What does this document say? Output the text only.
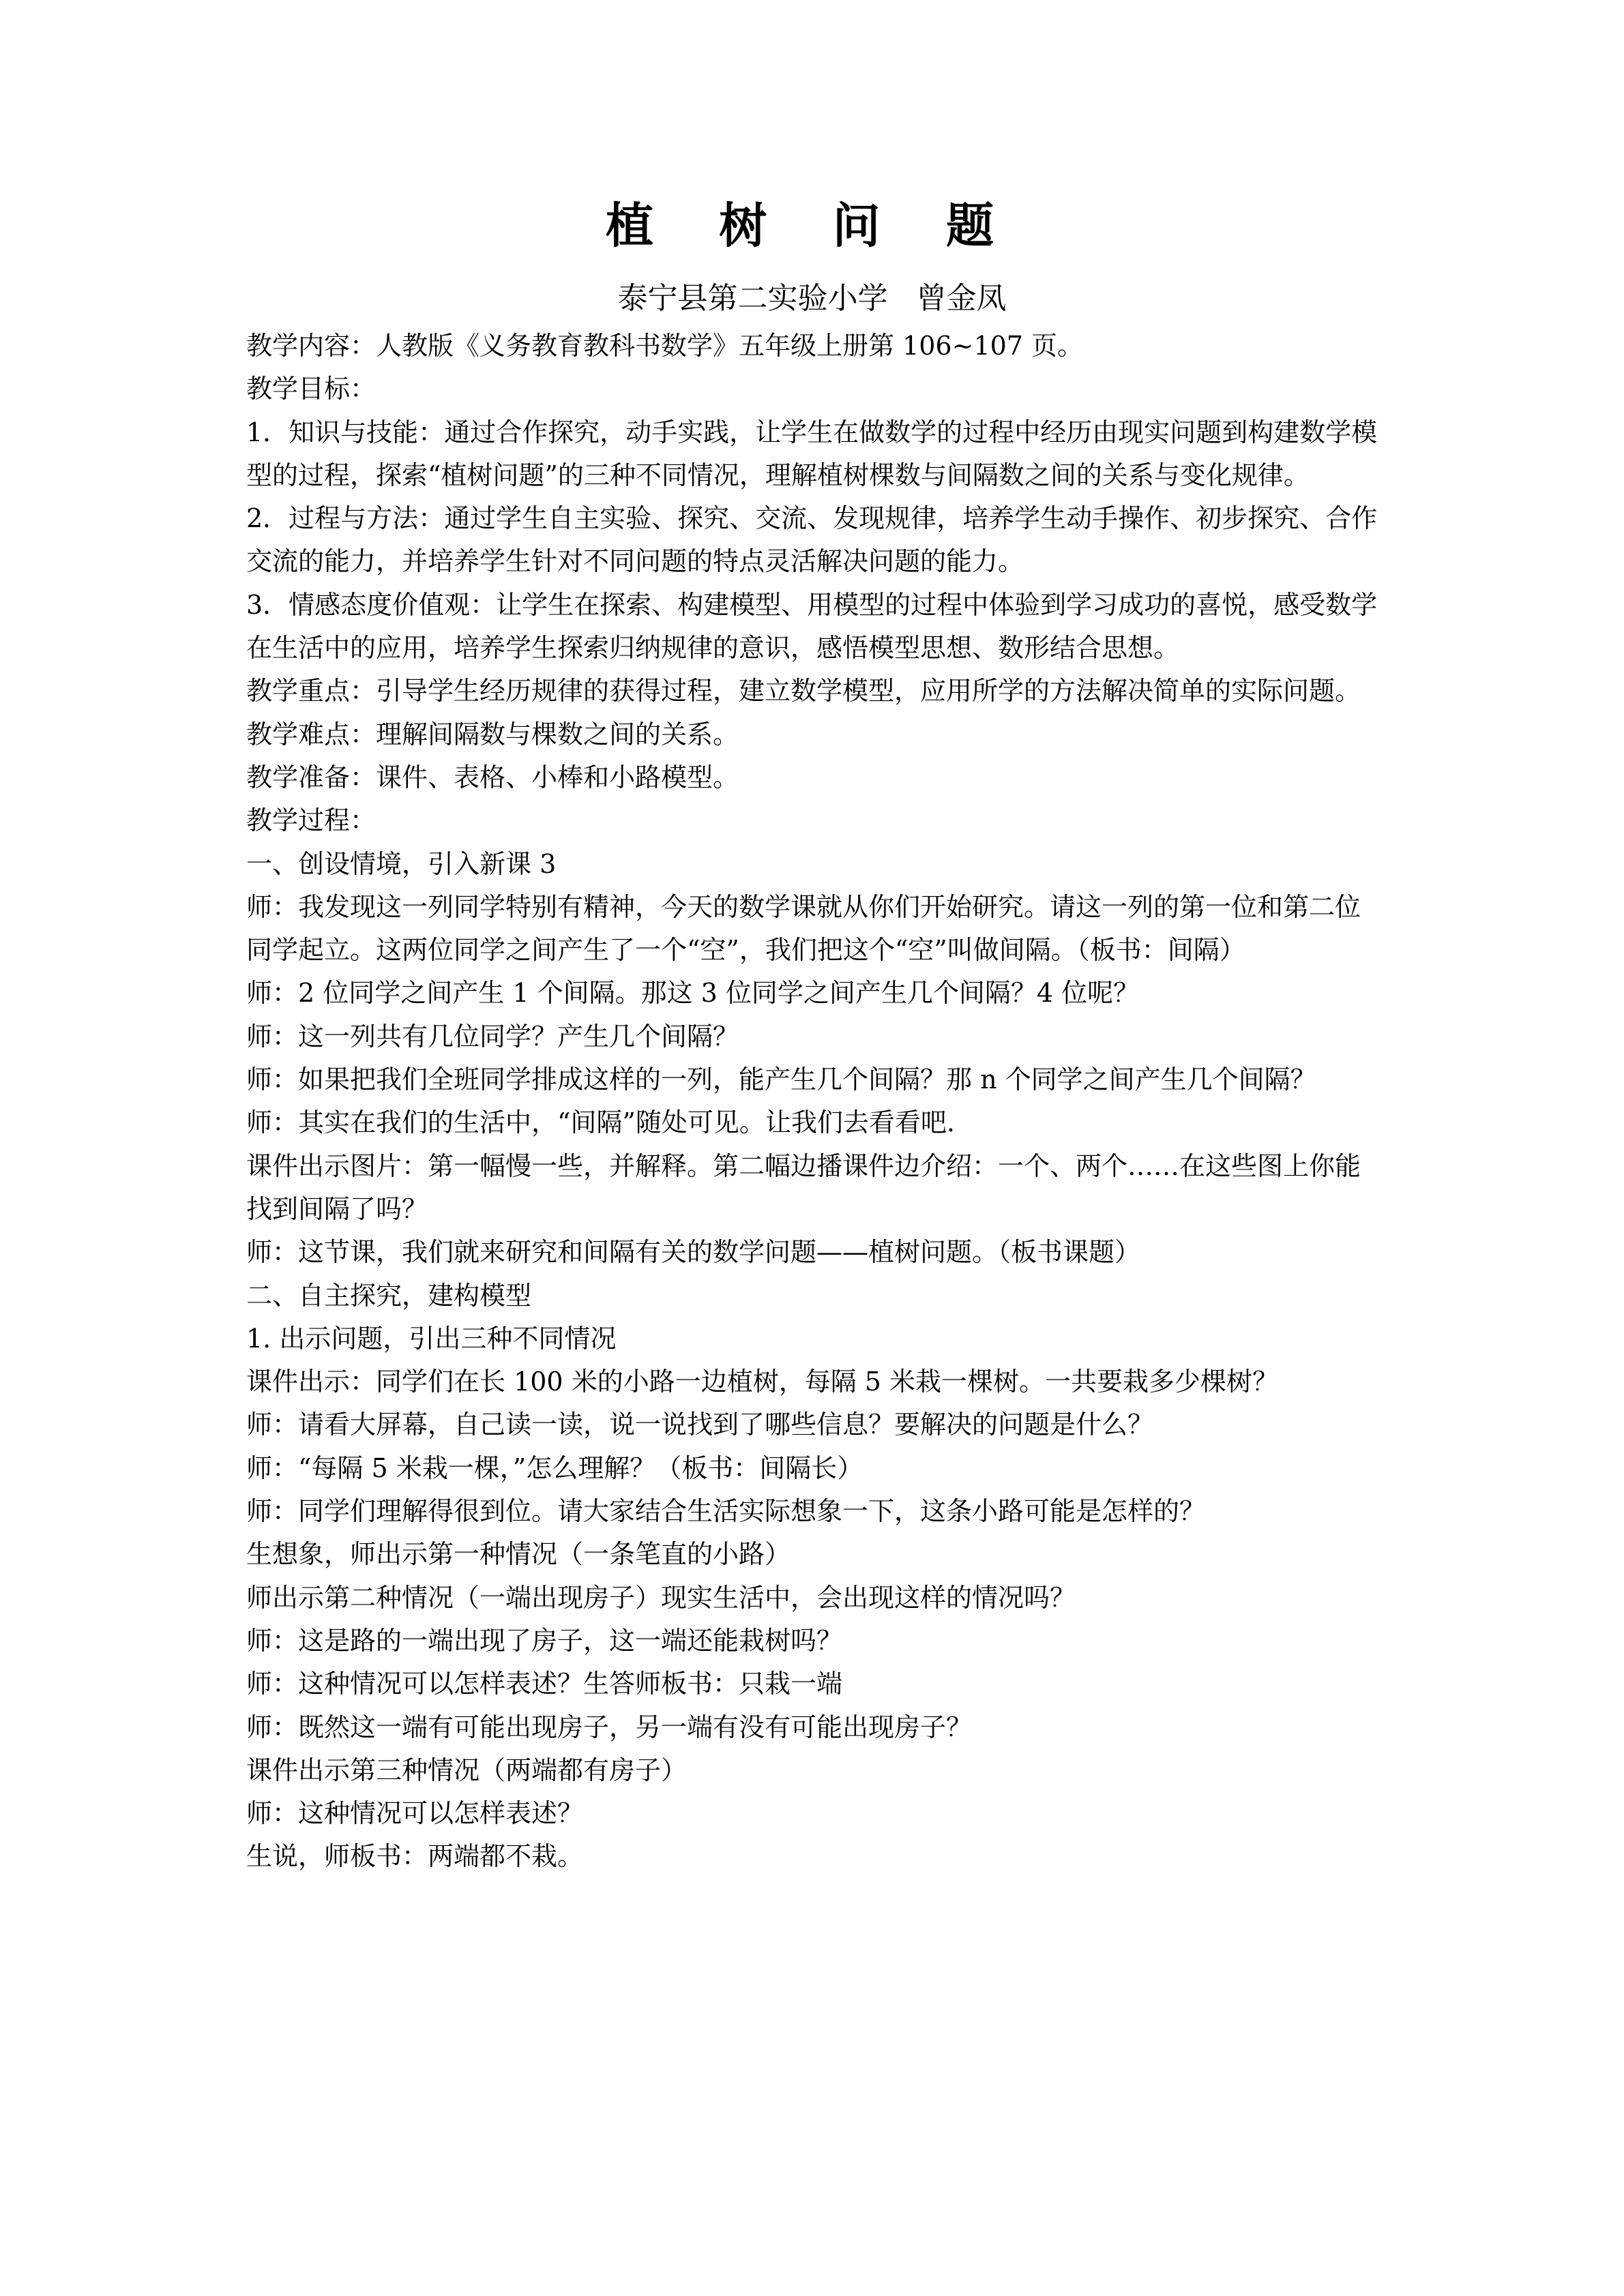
植 树 问 题
泰宁县第二实验小学   曾金凤

教学内容：人教版《义务教育教科书数学》五年级上册第 106~107 页。

教学目标：

1．知识与技能：通过合作探究，动手实践，让学生在做数学的过程中经历由现实问题到构建数学模型的过程，探索“植树问题”的三种不同情况，理解植树棵数与间隔数之间的关系与变化规律。

2．过程与方法：通过学生自主实验、探究、交流、发现规律，培养学生动手操作、初步探究、合作交流的能力，并培养学生针对不同问题的特点灵活解决问题的能力。

3．情感态度价值观：让学生在探索、构建模型、用模型的过程中体验到学习成功的喜悦，感受数学在生活中的应用，培养学生探索归纳规律的意识，感悟模型思想、数形结合思想。

教学重点：引导学生经历规律的获得过程，建立数学模型，应用所学的方法解决简单的实际问题。

教学难点：理解间隔数与棵数之间的关系。

教学准备：课件、表格、小棒和小路模型。

教学过程：

一、创设情境，引入新课 3

师：我发现这一列同学特别有精神，今天的数学课就从你们开始研究。请这一列的第一位和第二位同学起立。这两位同学之间产生了一个“空”，我们把这个“空”叫做间隔。（板书：间隔）

师：2 位同学之间产生 1 个间隔。那这 3 位同学之间产生几个间隔？4 位呢？

师：这一列共有几位同学？产生几个间隔？

师：如果把我们全班同学排成这样的一列，能产生几个间隔？那 n 个同学之间产生几个间隔？

师：其实在我们的生活中，“间隔”随处可见。让我们去看看吧.

课件出示图片：第一幅慢一些，并解释。第二幅边播课件边介绍：一个、两个……在这些图上你能找到间隔了吗？

师：这节课，我们就来研究和间隔有关的数学问题——植树问题。（板书课题）

二、自主探究，建构模型

1. 出示问题，引出三种不同情况

课件出示：同学们在长 100 米的小路一边植树，每隔 5 米栽一棵树。一共要栽多少棵树？

师：请看大屏幕，自己读一读，说一说找到了哪些信息？要解决的问题是什么？

师：“每隔 5 米栽一棵，”怎么理解？（板书：间隔长）

师：同学们理解得很到位。请大家结合生活实际想象一下，这条小路可能是怎样的？

生想象，师出示第一种情况（一条笔直的小路）

师出示第二种情况（一端出现房子）现实生活中，会出现这样的情况吗？

师：这是路的一端出现了房子，这一端还能栽树吗？

师：这种情况可以怎样表述？生答师板书：只栽一端

师：既然这一端有可能出现房子，另一端有没有可能出现房子？

课件出示第三种情况（两端都有房子）

师：这种情况可以怎样表述？

生说，师板书：两端都不栽。
